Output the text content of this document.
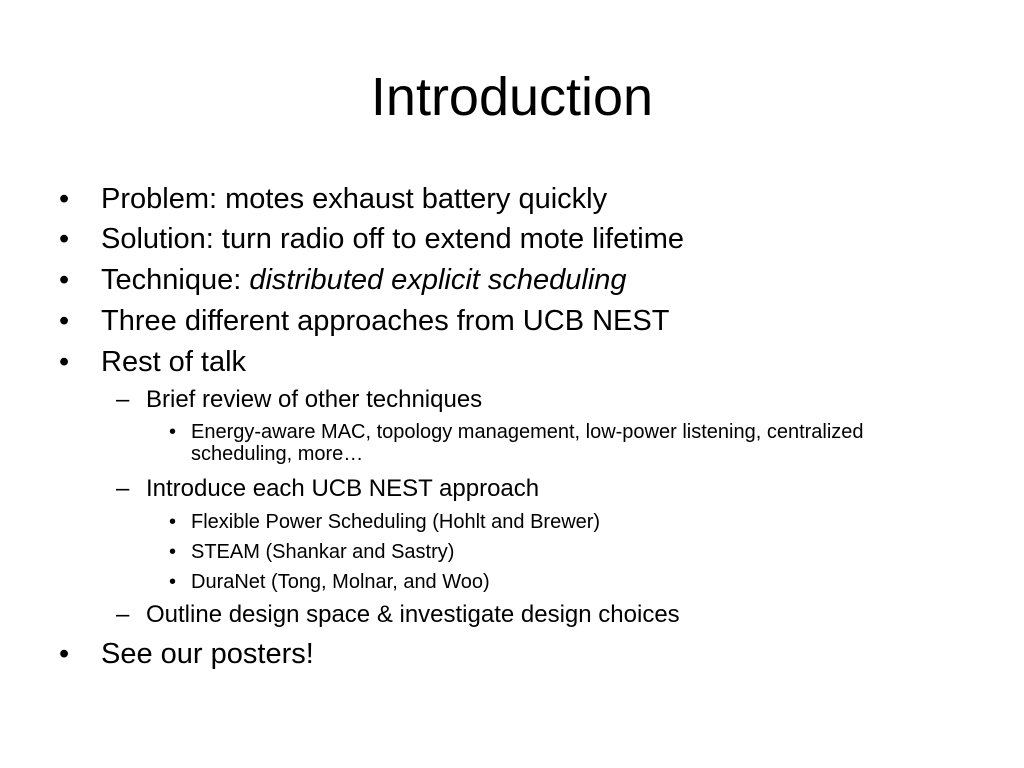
Introduction
• Problem: motes exhaust battery quickly
• Solution: turn radio off to extend mote lifetime
• Technique: distributed explicit scheduling
• Three different approaches from UCB NEST
• Rest of talk
– Brief review of other techniques
• Energy-aware MAC, topology management, low-power listening, centralized scheduling, more…
– Introduce each UCB NEST approach
• Flexible Power Scheduling (Hohlt and Brewer)
• STEAM (Shankar and Sastry)
• DuraNet (Tong, Molnar, and Woo)
– Outline design space & investigate design choices
• See our posters!
